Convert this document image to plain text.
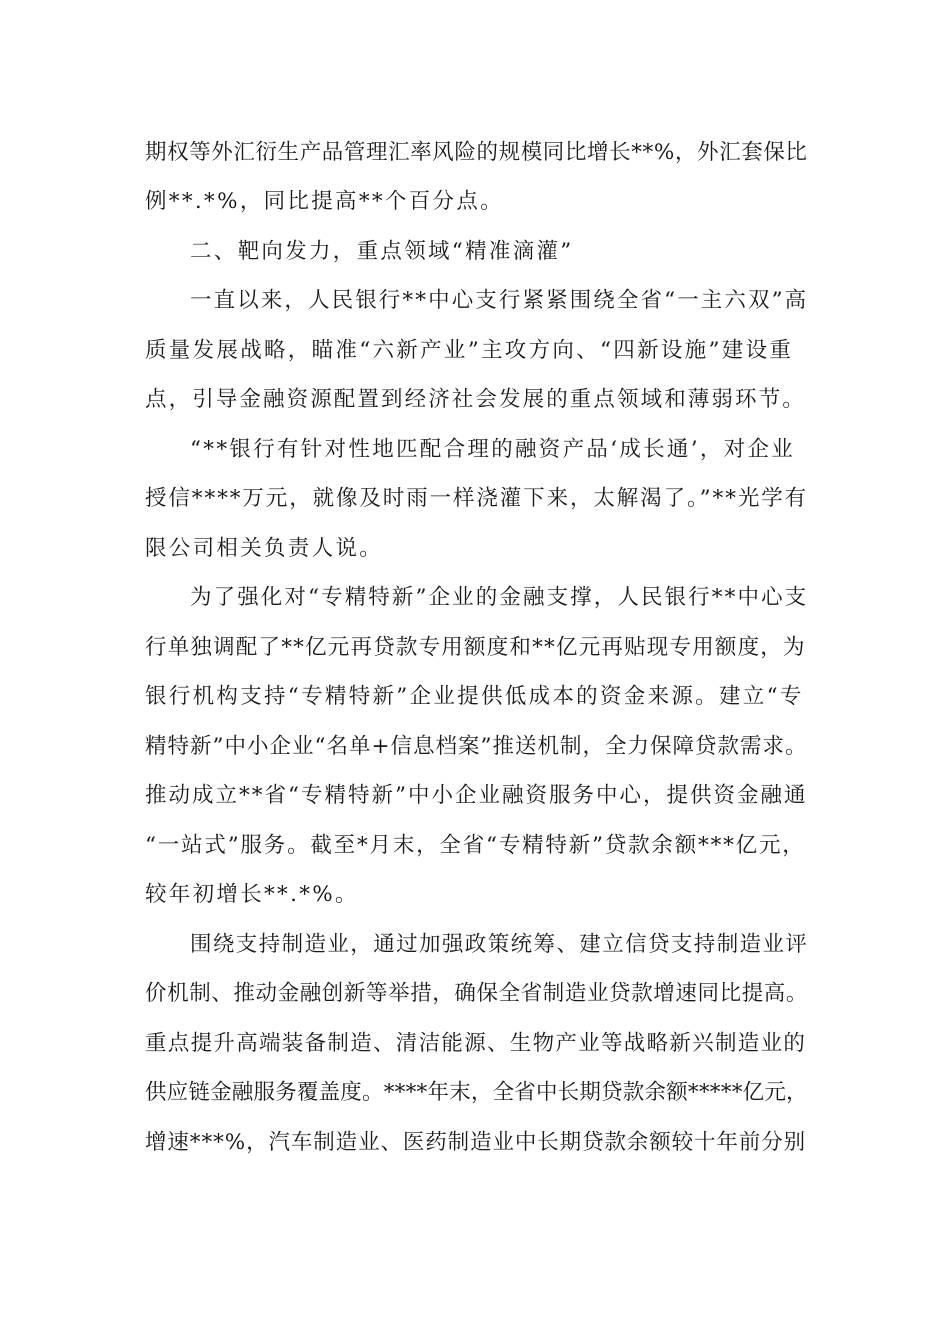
期权等外汇衍生产品管理汇率风险的规模同比增长**%，外汇套保比
例**.*%，同比提高**个百分点。
二、靶向发力，重点领域“精准滴灌”
一直以来，人民银行**中心支行紧紧围绕全省“一主六双”高
质量发展战略，瞄准“六新产业”主攻方向、“四新设施”建设重
点，引导金融资源配置到经济社会发展的重点领域和薄弱环节。
“**银行有针对性地匹配合理的融资产品‘成长通’，对企业
授信****万元，就像及时雨一样浇灌下来，太解渴了。”**光学有
限公司相关负责人说。
为了强化对“专精特新”企业的金融支撑，人民银行**中心支
行单独调配了**亿元再贷款专用额度和**亿元再贴现专用额度，为
银行机构支持“专精特新”企业提供低成本的资金来源。建立“专
精特新”中小企业“名单+信息档案”推送机制，全力保障贷款需求。
推动成立**省“专精特新”中小企业融资服务中心，提供资金融通
“一站式”服务。截至*月末，全省“专精特新”贷款余额***亿元，
较年初增长**.*%。
围绕支持制造业，通过加强政策统筹、建立信贷支持制造业评
价机制、推动金融创新等举措，确保全省制造业贷款增速同比提高。
重点提升高端装备制造、清洁能源、生物产业等战略新兴制造业的
供应链金融服务覆盖度。****年末，全省中长期贷款余额*****亿元，
增速***%，汽车制造业、医药制造业中长期贷款余额较十年前分别
